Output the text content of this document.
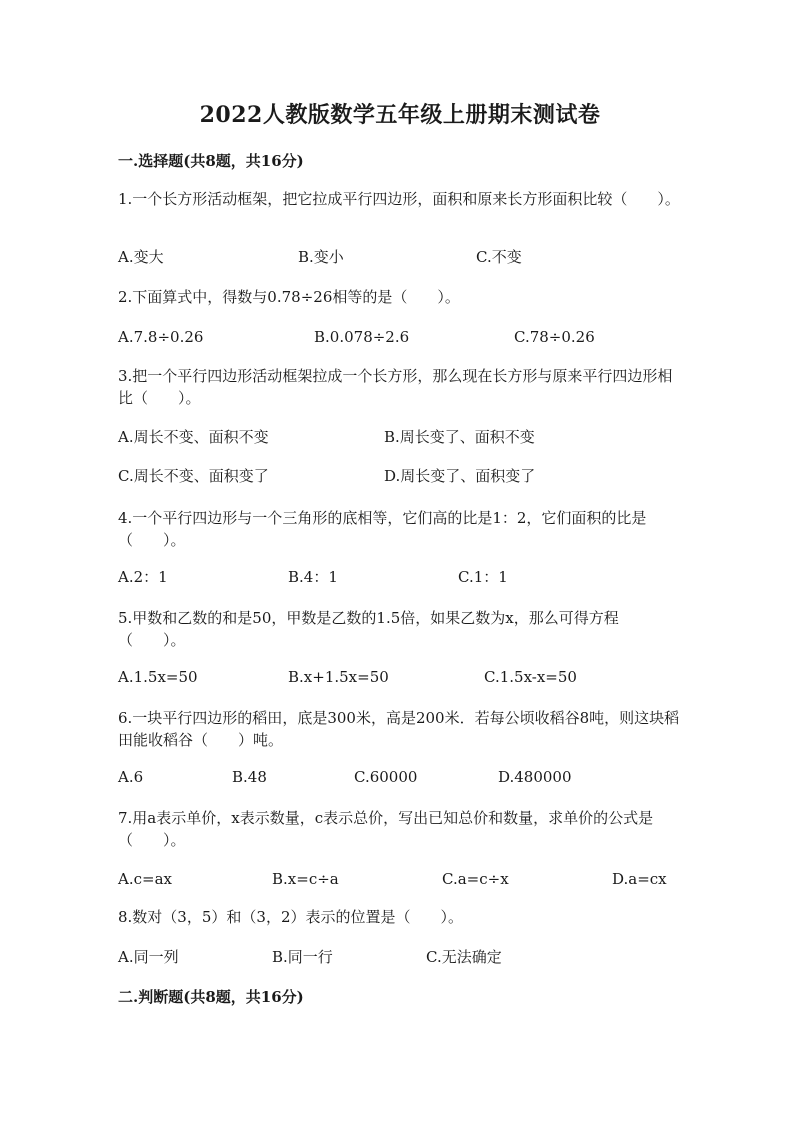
2022人教版数学五年级上册期末测试卷
一.选择题(共8题，共16分)
1.一个长方形活动框架，把它拉成平行四边形，面积和原来长方形面积比较（　　）。
A.变大	B.变小	C.不变
2.下面算式中，得数与0.78÷26相等的是（　　）。
A.7.8÷0.26	B.0.078÷2.6	C.78÷0.26
3.把一个平行四边形活动框架拉成一个长方形，那么现在长方形与原来平行四边形相比（　　）。
A.周长不变、面积不变	B.周长变了、面积不变
C.周长不变、面积变了	D.周长变了、面积变了
4.一个平行四边形与一个三角形的底相等，它们高的比是1：2，它们面积的比是（　　）。
A.2：1	B.4：1	C.1：1
5.甲数和乙数的和是50，甲数是乙数的1.5倍，如果乙数为x，那么可得方程（　　）。
A.1.5x=50	B.x+1.5x=50	C.1.5x-x=50
6.一块平行四边形的稻田，底是300米，高是200米．若每公顷收稻谷8吨，则这块稻田能收稻谷（　　）吨。
A.6	B.48	C.60000	D.480000
7.用a表示单价，x表示数量，c表示总价，写出已知总价和数量，求单价的公式是（　　）。
A.c=ax	B.x=c÷a	C.a=c÷x	D.a=cx
8.数对（3，5）和（3，2）表示的位置是（　　）。
A.同一列	B.同一行	C.无法确定
二.判断题(共8题，共16分)
